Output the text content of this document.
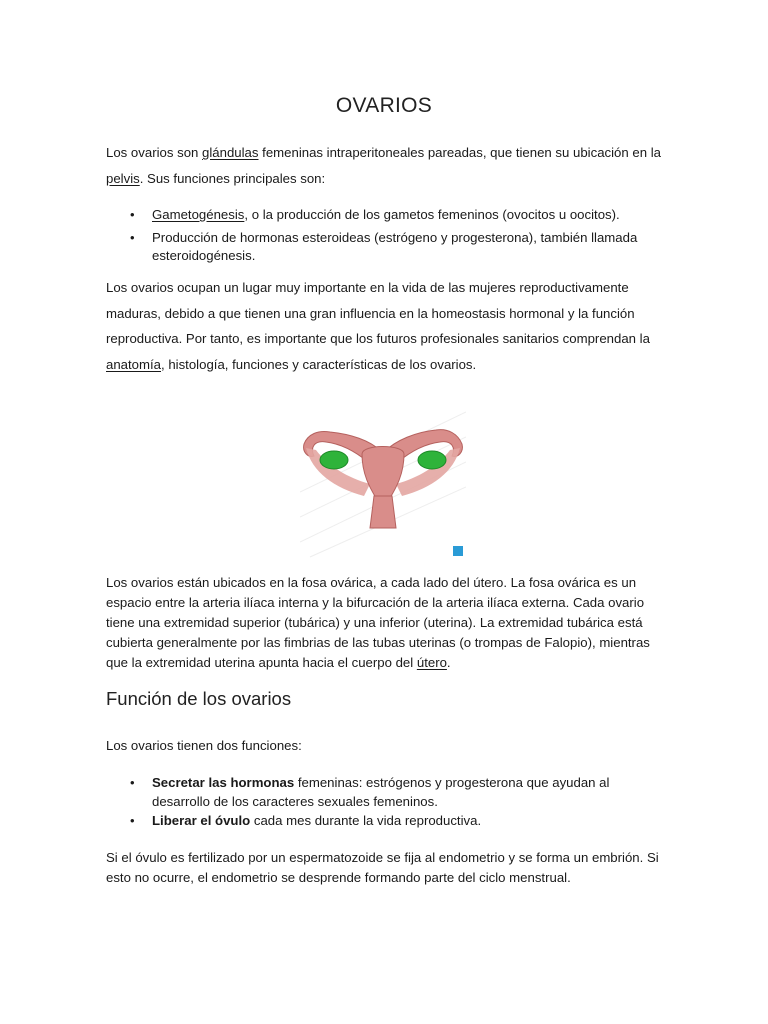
OVARIOS
Los ovarios son glándulas femeninas intraperitoneales pareadas, que tienen su ubicación en la pelvis. Sus funciones principales son:
• Gametogénesis, o la producción de los gametos femeninos (ovocitos u oocitos).
• Producción de hormonas esteroideas (estrógeno y progesterona), también llamada esteroidogénesis.
Los ovarios ocupan un lugar muy importante en la vida de las mujeres reproductivamente maduras, debido a que tienen una gran influencia en la homeostasis hormonal y la función reproductiva. Por tanto, es importante que los futuros profesionales sanitarios comprendan la anatomía, histología, funciones y características de los ovarios.
Los ovarios están ubicados en la fosa ovárica, a cada lado del útero. La fosa ovárica es un espacio entre la arteria ilíaca interna y la bifurcación de la arteria ilíaca externa. Cada ovario tiene una extremidad superior (tubárica) y una inferior (uterina). La extremidad tubárica está cubierta generalmente por las fimbrias de las tubas uterinas (o trompas de Falopio), mientras que la extremidad uterina apunta hacia el cuerpo del útero.
Función de los ovarios
Los ovarios tienen dos funciones:
• Secretar las hormonas femeninas: estrógenos y progesterona que ayudan al desarrollo de los caracteres sexuales femeninos.
• Liberar el óvulo cada mes durante la vida reproductiva.
Si el óvulo es fertilizado por un espermatozoide se fija al endometrio y se forma un embrión. Si esto no ocurre, el endometrio se desprende formando parte del ciclo menstrual.
